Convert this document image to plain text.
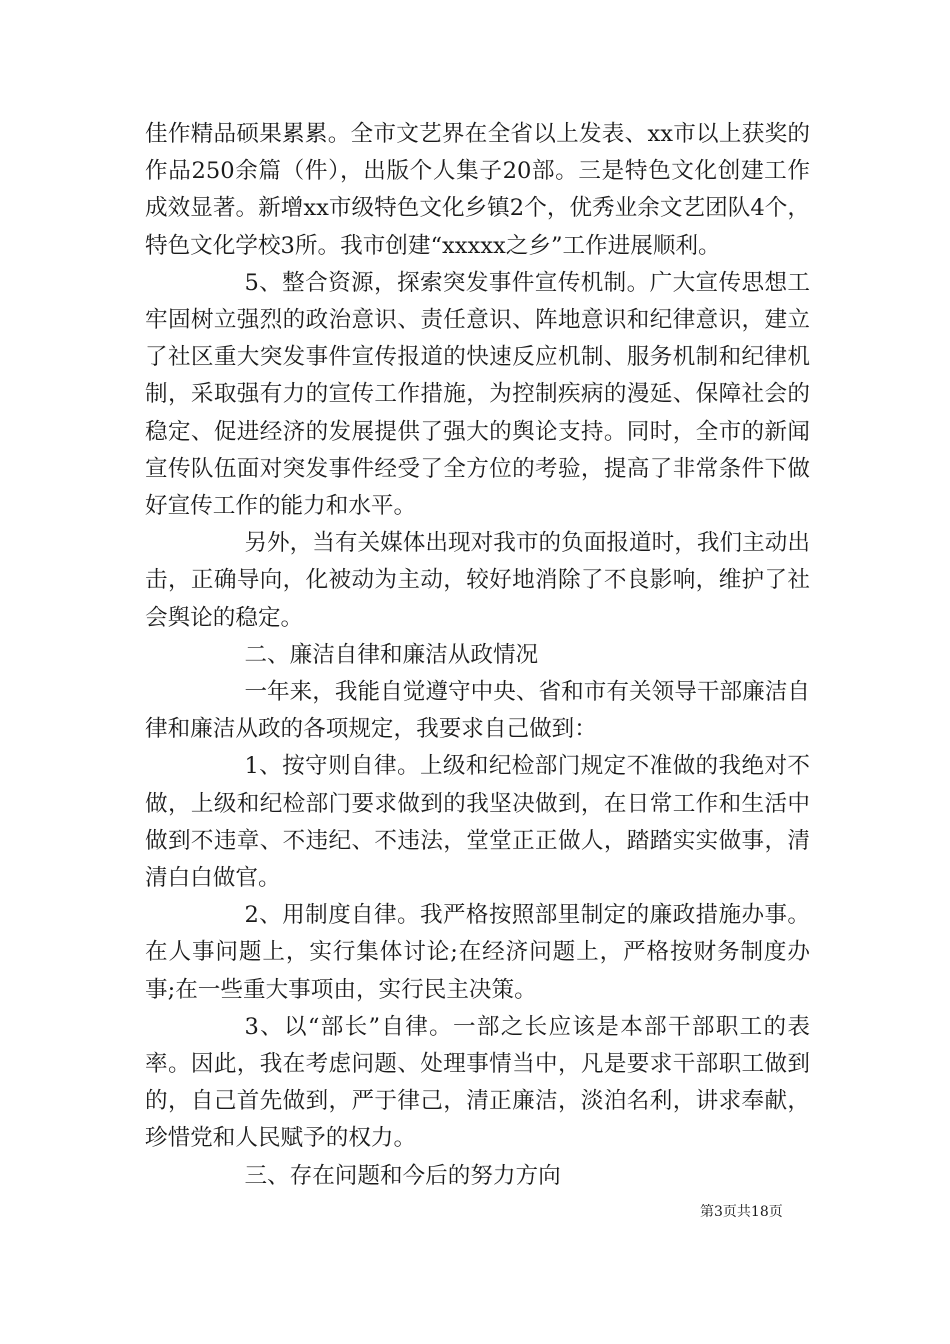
佳作精品硕果累累。全市文艺界在全省以上发表、xx市以上获奖的作品250余篇（件），出版个人集子20部。三是特色文化创建工作成效显著。新增xx市级特色文化乡镇2个，优秀业余文艺团队4个，特色文化学校3所。我市创建“xxxxx之乡”工作进展顺利。

5、整合资源，探索突发事件宣传机制。广大宣传思想工牢固树立强烈的政治意识、责任意识、阵地意识和纪律意识，建立了社区重大突发事件宣传报道的快速反应机制、服务机制和纪律机制，采取强有力的宣传工作措施，为控制疾病的漫延、保障社会的稳定、促进经济的发展提供了强大的舆论支持。同时，全市的新闻宣传队伍面对突发事件经受了全方位的考验，提高了非常条件下做好宣传工作的能力和水平。

另外，当有关媒体出现对我市的负面报道时，我们主动出击，正确导向，化被动为主动，较好地消除了不良影响，维护了社会舆论的稳定。

二、廉洁自律和廉洁从政情况

一年来，我能自觉遵守中央、省和市有关领导干部廉洁自律和廉洁从政的各项规定，我要求自己做到：

1、按守则自律。上级和纪检部门规定不准做的我绝对不做，上级和纪检部门要求做到的我坚决做到，在日常工作和生活中做到不违章、不违纪、不违法，堂堂正正做人，踏踏实实做事，清清白白做官。

2、用制度自律。我严格按照部里制定的廉政措施办事。在人事问题上，实行集体讨论;在经济问题上，严格按财务制度办事;在一些重大事项由，实行民主决策。

3、以“部长”自律。一部之长应该是本部干部职工的表率。因此，我在考虑问题、处理事情当中，凡是要求干部职工做到的，自己首先做到，严于律己，清正廉洁，淡泊名利，讲求奉献，珍惜党和人民赋予的权力。

三、存在问题和今后的努力方向

第3页共18页
